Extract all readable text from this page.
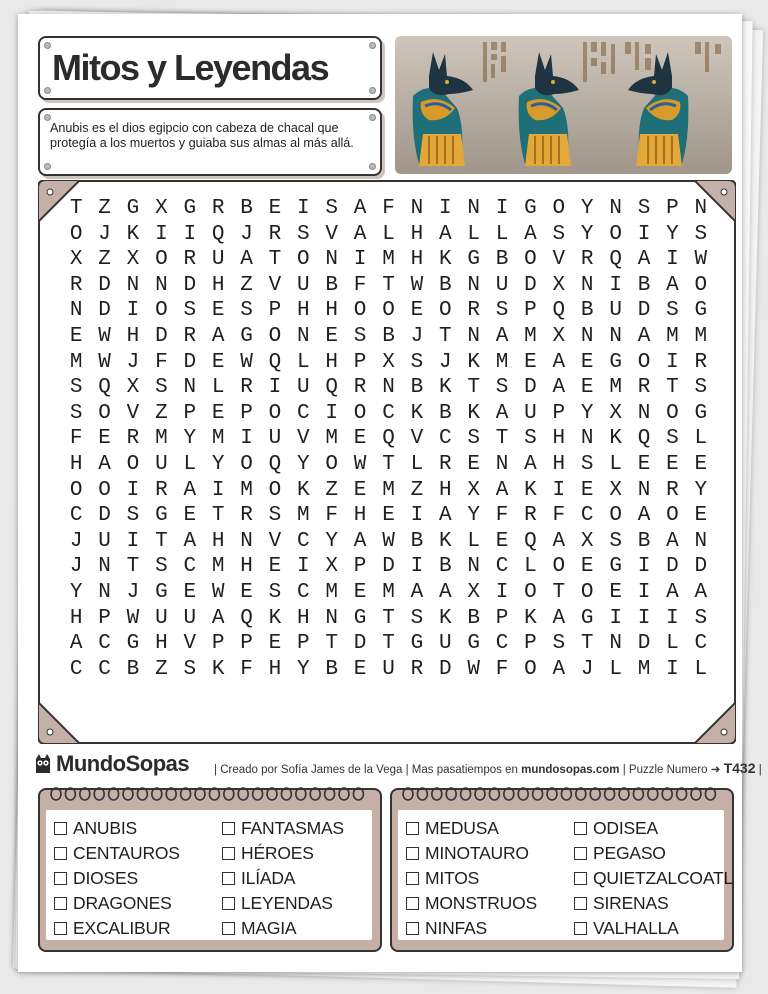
Mitos y Leyendas
Anubis es el dios egipcio con cabeza de chacal que protegía a los muertos y guiaba sus almas al más allá.
T Z G X G R B E I S A F N I N I G O Y N S P N
O J K I I Q J R S V A L H A L L A S Y O I Y S
X Z X O R U A T O N I M H K G B O V R Q A I W
R D N N D H Z V U B F T W B N U D X N I B A O
N D I O S E S P H H O O E O R S P Q B U D S G
E W H D R A G O N E S B J T N A M X N N A M M
M W J F D E W Q L H P X S J K M E A E G O I R
S Q X S N L R I U Q R N B K T S D A E M R T S
S O V Z P E P O C I O C K B K A U P Y X N O G
F E R M Y M I U V M E Q V C S T S H N K Q S L
H A O U L Y O Q Y O W T L R E N A H S L E E E
O O I R A I M O K Z E M Z H X A K I E X N R Y
C D S G E T R S M F H E I A Y F R F C O A O E
J U I T A H N V C Y A W B K L E Q A X S B A N
J N T S C M H E I X P D I B N C L O E G I D D
Y N J G E W E S C M E M A A X I O T O E I A A
H P W U U A Q K H N G T S K B P K A G I I I S
A C G H V P P E P T D T G U G C P S T N D L C
C C B Z S K F H Y B E U R D W F O A J L M I L
MundoSopas | Creado por Sofía James de la Vega | Mas pasatiempos en mundosopas.com | Puzzle Numero ➜ T432 |
ANUBIS
CENTAUROS
DIOSES
DRAGONES
EXCALIBUR
FANTASMAS
HÉROES
ILÍADA
LEYENDAS
MAGIA
MEDUSA
MINOTAURO
MITOS
MONSTRUOS
NINFAS
ODISEA
PEGASO
QUIETZALCOATL
SIRENAS
VALHALLA
